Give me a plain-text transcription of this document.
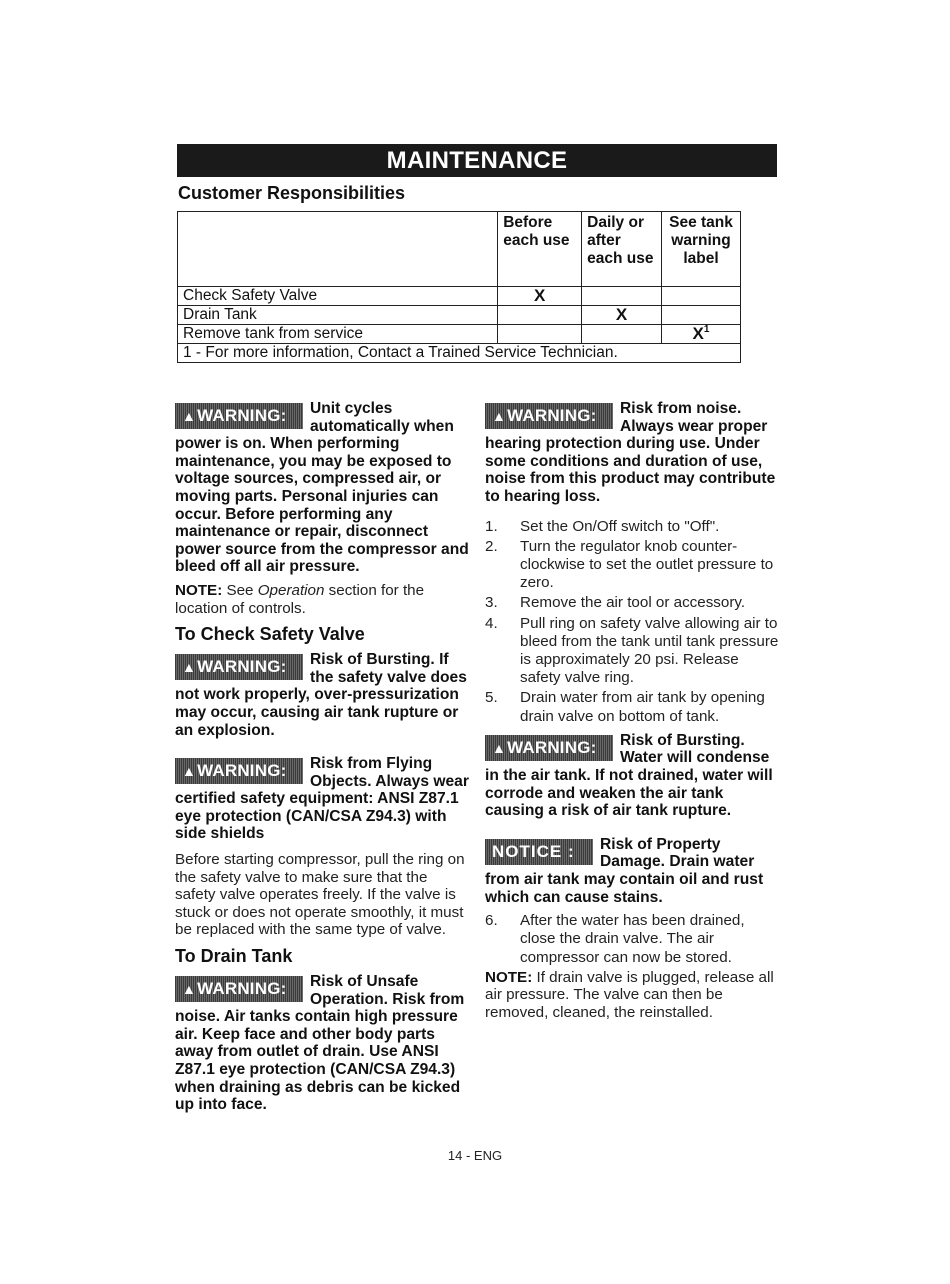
MAINTENANCE
Customer Responsibilities
	Before each use	Daily or after each use	See tank warning label
Check Safety Valve	X		
Drain Tank		X	
Remove tank from service			$X^1$
1 - For more information, Contact a Trained Service Technician.			
▲WARNING:	Unit cycles automatically when power is on. When performing maintenance, you may be exposed to voltage sources, compressed air, or moving parts. Personal injuries can occur. Before performing any maintenance or repair, disconnect power source from the compressor and bleed off all air pressure.

NOTE: See Operation section for the location of controls.

To Check Safety Valve
▲WARNING:	Risk of Bursting. If the safety valve does not work properly, over-pressurization may occur, causing air tank rupture or an explosion.

▲WARNING:	Risk from Flying Objects. Always wear certified safety equipment: ANSI Z87.1 eye protection (CAN/CSA Z94.3) with side shields

Before starting compressor, pull the ring on the safety valve to make sure that the safety valve operates freely. If the valve is stuck or does not operate smoothly, it must be replaced with the same type of valve.

To Drain Tank
▲WARNING:	Risk of Unsafe Operation. Risk from noise. Air tanks contain high pressure air. Keep face and other body parts away from outlet of drain. Use ANSI Z87.1 eye protection (CAN/CSA Z94.3) when draining as debris can be kicked up into face.

▲WARNING:	Risk from noise. Always wear proper hearing protection during use. Under some conditions and duration of use, noise from this product may contribute to hearing loss.

1. Set the On/Off switch to "Off".
2. Turn the regulator knob counter-clockwise to set the outlet pressure to zero.
3. Remove the air tool or accessory.
4. Pull ring on safety valve allowing air to bleed from the tank until tank pressure is approximately 20 psi. Release safety valve ring.
5. Drain water from air tank by opening drain valve on bottom of tank.
▲WARNING:	Risk of Bursting. Water will condense in the air tank. If not drained, water will corrode and weaken the air tank causing a risk of air tank rupture.

NOTICE :	Risk of Property Damage. Drain water from air tank may contain oil and rust which can cause stains.

6. After the water has been drained, close the drain valve. The air compressor can now be stored.

NOTE: If drain valve is plugged, release all air pressure. The valve can then be removed, cleaned, the reinstalled.

14 - ENG
